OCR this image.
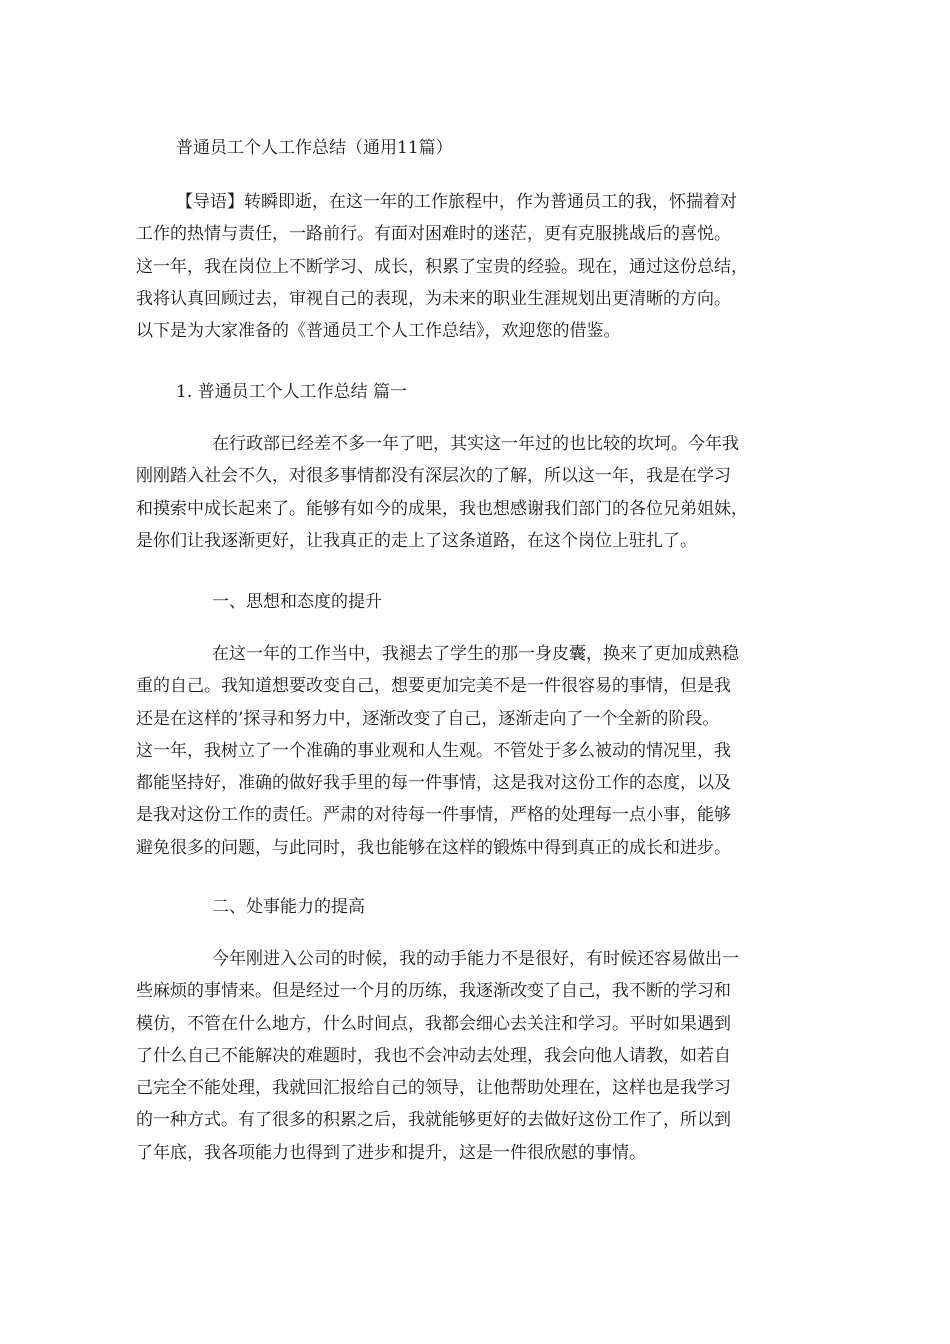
普通员工个人工作总结（通用11篇）
【导语】转瞬即逝，在这一年的工作旅程中，作为普通员工的我，怀揣着对
工作的热情与责任，一路前行。有面对困难时的迷茫，更有克服挑战后的喜悦。
这一年，我在岗位上不断学习、成长，积累了宝贵的经验。现在，通过这份总结，
我将认真回顾过去，审视自己的表现，为未来的职业生涯规划出更清晰的方向。
以下是为大家准备的《普通员工个人工作总结》，欢迎您的借鉴。
1. 普通员工个人工作总结 篇一
在行政部已经差不多一年了吧，其实这一年过的也比较的坎坷。今年我
刚刚踏入社会不久，对很多事情都没有深层次的了解，所以这一年，我是在学习
和摸索中成长起来了。能够有如今的成果，我也想感谢我们部门的各位兄弟姐妹，
是你们让我逐渐更好，让我真正的走上了这条道路，在这个岗位上驻扎了。
一、思想和态度的提升
在这一年的工作当中，我褪去了学生的那一身皮囊，换来了更加成熟稳
重的自己。我知道想要改变自己，想要更加完美不是一件很容易的事情，但是我
还是在这样的’探寻和努力中，逐渐改变了自己，逐渐走向了一个全新的阶段。
这一年，我树立了一个准确的事业观和人生观。不管处于多么被动的情况里，我
都能坚持好，准确的做好我手里的每一件事情，这是我对这份工作的态度，以及
是我对这份工作的责任。严肃的对待每一件事情，严格的处理每一点小事，能够
避免很多的问题，与此同时，我也能够在这样的锻炼中得到真正的成长和进步。
二、处事能力的提高
今年刚进入公司的时候，我的动手能力不是很好，有时候还容易做出一
些麻烦的事情来。但是经过一个月的历练，我逐渐改变了自己，我不断的学习和
模仿，不管在什么地方，什么时间点，我都会细心去关注和学习。平时如果遇到
了什么自己不能解决的难题时，我也不会冲动去处理，我会向他人请教，如若自
己完全不能处理，我就回汇报给自己的领导，让他帮助处理在，这样也是我学习
的一种方式。有了很多的积累之后，我就能够更好的去做好这份工作了，所以到
了年底，我各项能力也得到了进步和提升，这是一件很欣慰的事情。
